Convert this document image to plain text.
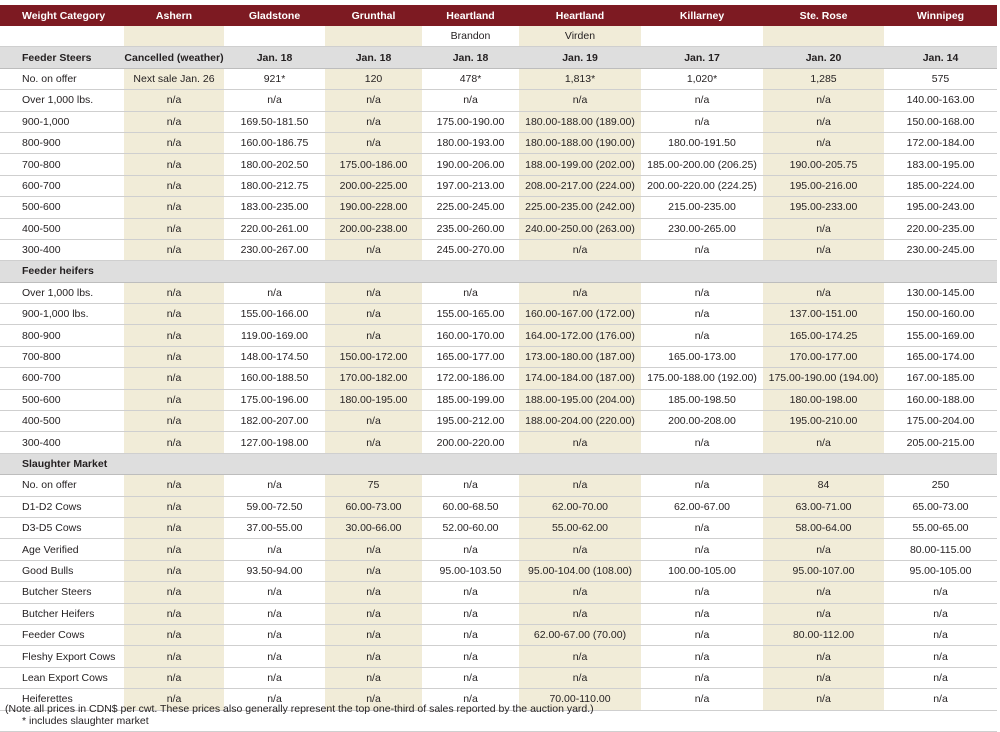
Weight Category	Ashern	Gladstone	Grunthal	Heartland	Heartland	Killarney	Ste. Rose	Winnipeg
				Brandon	Virden			
Feeder Steers	Cancelled (weather)	Jan. 18	Jan. 18	Jan. 18	Jan. 19	Jan. 17	Jan. 20	Jan. 14
No. on offer	Next sale Jan. 26	921*	120	478*	1,813*	1,020*	1,285	575
Over 1,000 lbs.	n/a	n/a	n/a	n/a	n/a	n/a	n/a	140.00-163.00
900-1,000	n/a	169.50-181.50	n/a	175.00-190.00	180.00-188.00 (189.00)	n/a	n/a	150.00-168.00
800-900	n/a	160.00-186.75	n/a	180.00-193.00	180.00-188.00 (190.00)	180.00-191.50	n/a	172.00-184.00
700-800	n/a	180.00-202.50	175.00-186.00	190.00-206.00	188.00-199.00 (202.00)	185.00-200.00 (206.25)	190.00-205.75	183.00-195.00
600-700	n/a	180.00-212.75	200.00-225.00	197.00-213.00	208.00-217.00 (224.00)	200.00-220.00 (224.25)	195.00-216.00	185.00-224.00
500-600	n/a	183.00-235.00	190.00-228.00	225.00-245.00	225.00-235.00 (242.00)	215.00-235.00	195.00-233.00	195.00-243.00
400-500	n/a	220.00-261.00	200.00-238.00	235.00-260.00	240.00-250.00 (263.00)	230.00-265.00	n/a	220.00-235.00
300-400	n/a	230.00-267.00	n/a	245.00-270.00	n/a	n/a	n/a	230.00-245.00
Feeder heifers								
Over 1,000 lbs.	n/a	n/a	n/a	n/a	n/a	n/a	n/a	130.00-145.00
900-1,000 lbs.	n/a	155.00-166.00	n/a	155.00-165.00	160.00-167.00 (172.00)	n/a	137.00-151.00	150.00-160.00
800-900	n/a	119.00-169.00	n/a	160.00-170.00	164.00-172.00 (176.00)	n/a	165.00-174.25	155.00-169.00
700-800	n/a	148.00-174.50	150.00-172.00	165.00-177.00	173.00-180.00 (187.00)	165.00-173.00	170.00-177.00	165.00-174.00
600-700	n/a	160.00-188.50	170.00-182.00	172.00-186.00	174.00-184.00 (187.00)	175.00-188.00 (192.00)	175.00-190.00 (194.00)	167.00-185.00
500-600	n/a	175.00-196.00	180.00-195.00	185.00-199.00	188.00-195.00 (204.00)	185.00-198.50	180.00-198.00	160.00-188.00
400-500	n/a	182.00-207.00	n/a	195.00-212.00	188.00-204.00 (220.00)	200.00-208.00	195.00-210.00	175.00-204.00
300-400	n/a	127.00-198.00	n/a	200.00-220.00	n/a	n/a	n/a	205.00-215.00
Slaughter Market								
No. on offer	n/a	n/a	75	n/a	n/a	n/a	84	250
D1-D2 Cows	n/a	59.00-72.50	60.00-73.00	60.00-68.50	62.00-70.00	62.00-67.00	63.00-71.00	65.00-73.00
D3-D5 Cows	n/a	37.00-55.00	30.00-66.00	52.00-60.00	55.00-62.00	n/a	58.00-64.00	55.00-65.00
Age Verified	n/a	n/a	n/a	n/a	n/a	n/a	n/a	80.00-115.00
Good Bulls	n/a	93.50-94.00	n/a	95.00-103.50	95.00-104.00 (108.00)	100.00-105.00	95.00-107.00	95.00-105.00
Butcher Steers	n/a	n/a	n/a	n/a	n/a	n/a	n/a	n/a
Butcher Heifers	n/a	n/a	n/a	n/a	n/a	n/a	n/a	n/a
Feeder Cows	n/a	n/a	n/a	n/a	62.00-67.00 (70.00)	n/a	80.00-112.00	n/a
Fleshy Export Cows	n/a	n/a	n/a	n/a	n/a	n/a	n/a	n/a
Lean Export Cows	n/a	n/a	n/a	n/a	n/a	n/a	n/a	n/a
Heiferettes	n/a	n/a	n/a	n/a	70.00-110.00	n/a	n/a	n/a
* includes slaughter market								
(Note all prices in CDN$ per cwt. These prices also generally represent the top one-third of sales reported by the auction yard.)
